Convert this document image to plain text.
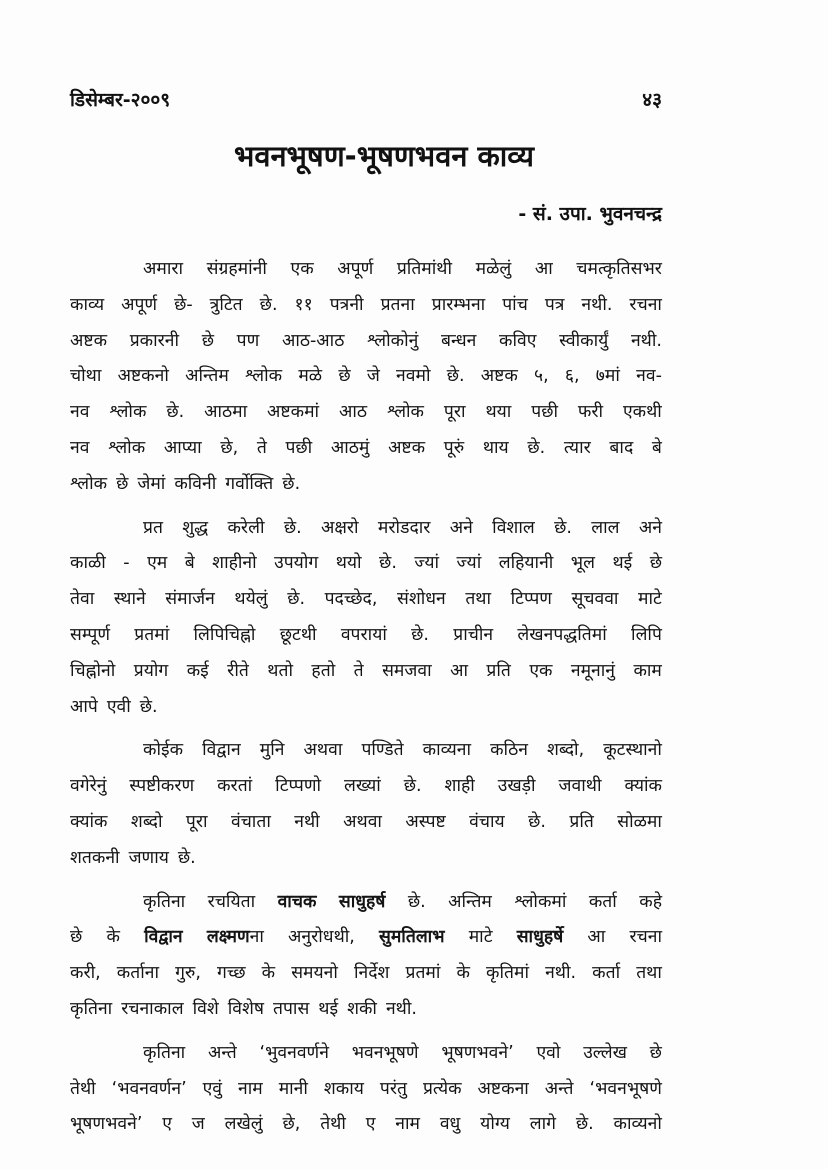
डिसेम्बर-२००९	४३
भवनभूषण-भूषणभवन काव्य
- सं. उपा. भुवनचन्द्र
अमारा संग्रहमांनी एक अपूर्ण प्रतिमांथी मळेलुं आ चमत्कृतिसभर
काव्य अपूर्ण छे- त्रुटित छे. ११ पत्रनी प्रतना प्रारम्भना पांच पत्र नथी. रचना
अष्टक प्रकारनी छे पण आठ-आठ श्लोकोनुं बन्धन कविए स्वीकार्युं नथी.
चोथा अष्टकनो अन्तिम श्लोक मळे छे जे नवमो छे. अष्टक ५, ६, ७मां नव-
नव श्लोक छे. आठमा अष्टकमां आठ श्लोक पूरा थया पछी फरी एकथी
नव श्लोक आप्या छे, ते पछी आठमुं अष्टक पूरुं थाय छे. त्यार बाद बे
श्लोक छे जेमां कविनी गर्वोक्ति छे.
प्रत शुद्ध करेली छे. अक्षरो मरोडदार अने विशाल छे. लाल अने
काळी - एम बे शाहीनो उपयोग थयो छे. ज्यां ज्यां लहियानी भूल थई छे
तेवा स्थाने संमार्जन थयेलुं छे. पदच्छेद, संशोधन तथा टिप्पण सूचववा माटे
सम्पूर्ण प्रतमां लिपिचिह्नो छूटथी वपरायां छे. प्राचीन लेखनपद्धतिमां लिपि
चिह्नोनो प्रयोग कई रीते थतो हतो ते समजवा आ प्रति एक नमूनानुं काम
आपे एवी छे.
कोईक विद्वान मुनि अथवा पण्डिते काव्यना कठिन शब्दो, कूटस्थानो
वगेरेनुं स्पष्टीकरण करतां टिप्पणो लख्यां छे. शाही उखड़ी जवाथी क्यांक
क्यांक शब्दो पूरा वंचाता नथी अथवा अस्पष्ट वंचाय छे. प्रति सोळमा
शतकनी जणाय छे.
कृतिना रचयिता वाचक साधुहर्ष छे. अन्तिम श्लोकमां कर्ता कहे
छे के विद्वान लक्ष्मणना अनुरोधथी, सुमतिलाभ माटे साधुहर्षे आ रचना
करी, कर्ताना गुरु, गच्छ के समयनो निर्देश प्रतमां के कृतिमां नथी. कर्ता तथा
कृतिना रचनाकाल विशे विशेष तपास थई शकी नथी.
कृतिना अन्ते ‘भुवनवर्णने भवनभूषणे भूषणभवने’ एवो उल्लेख छे
तेथी ‘भवनवर्णन’ एवुं नाम मानी शकाय परंतु प्रत्येक अष्टकना अन्ते ‘भवनभूषणे
भूषणभवने’ ए ज लखेलुं छे, तेथी ए नाम वधु योग्य लागे छे. काव्यनो
